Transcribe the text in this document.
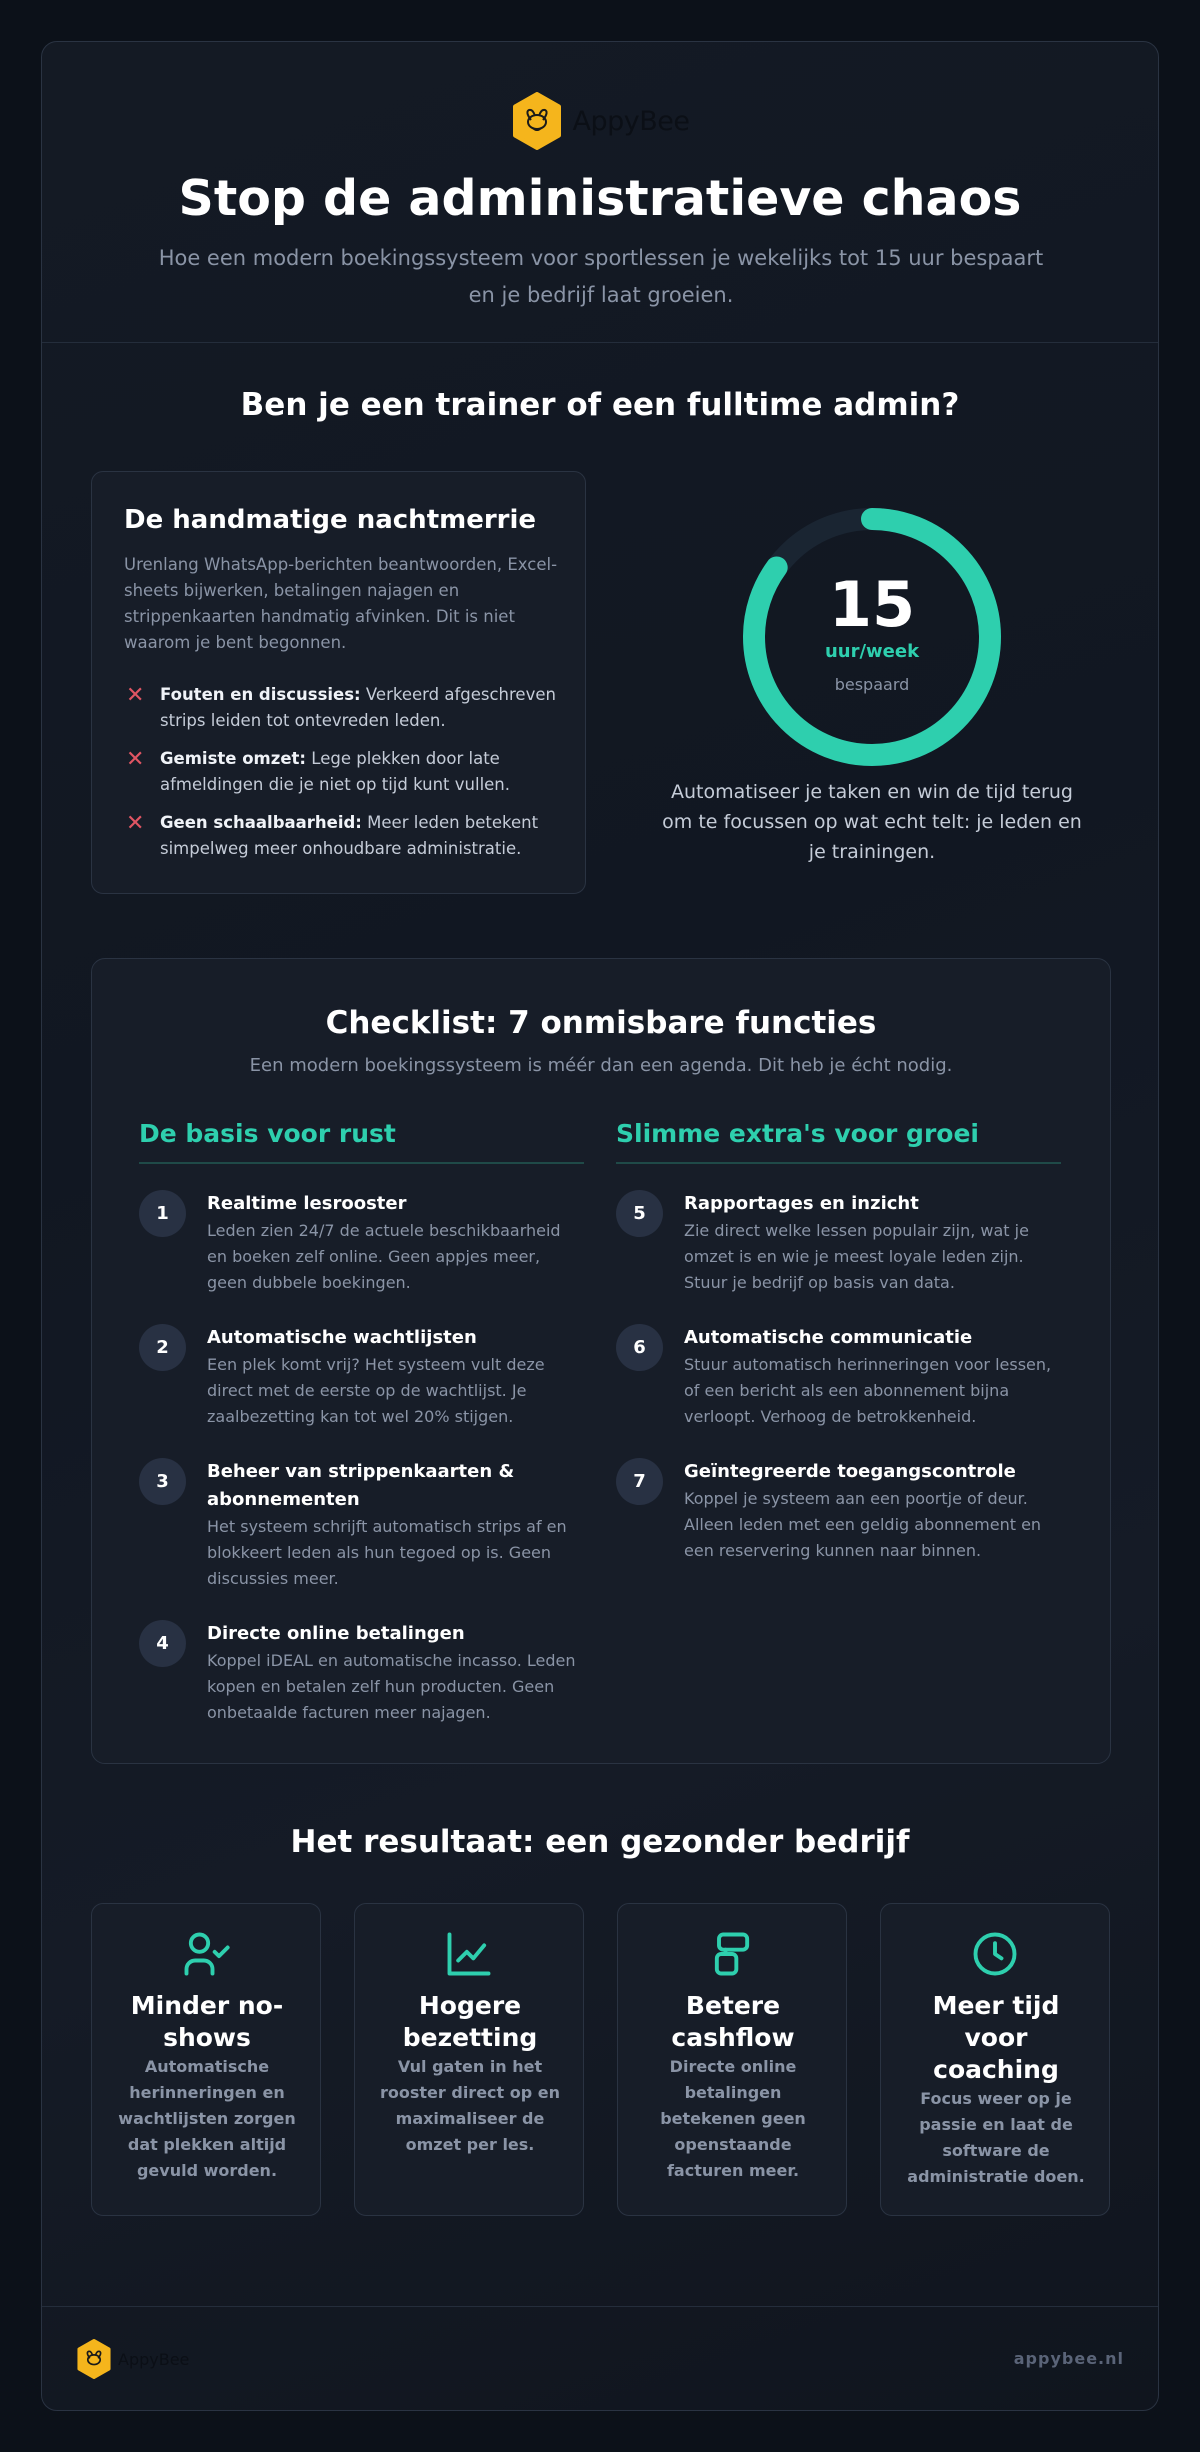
AppyBee
Stop de administratieve chaos

Hoe een modern boekingssysteem voor sportlessen je wekelijks tot 15 uur bespaart en je bedrijf laat groeien.

Ben je een trainer of een fulltime admin?
De handmatige nachtmerrie

Urenlang WhatsApp-berichten beantwoorden, Excel-sheets bijwerken, betalingen najagen en strippenkaarten handmatig afvinken. Dit is niet waarom je bent begonnen.

✕ Fouten en discussies: Verkeerd afgeschreven strips leiden tot ontevreden leden.
✕ Gemiste omzet: Lege plekken door late afmeldingen die je niet op tijd kunt vullen.
✕ Geen schaalbaarheid: Meer leden betekent simpelweg meer onhoudbare administratie.
15
uur/week
bespaard

Automatiseer je taken en win de tijd terug om te focussen op wat echt telt: je leden en je trainingen.

Checklist: 7 onmisbare functies

Een modern boekingssysteem is méér dan een agenda. Dit heb je écht nodig.

De basis voor rust
1	Realtime lesrooster
Leden zien 24/7 de actuele beschikbaarheid en boeken zelf online. Geen appjes meer, geen dubbele boekingen.
2	Automatische wachtlijsten
Een plek komt vrij? Het systeem vult deze direct met de eerste op de wachtlijst. Je zaalbezetting kan tot wel 20% stijgen.
3	Beheer van strippenkaarten & abonnementen
Het systeem schrijft automatisch strips af en blokkeert leden als hun tegoed op is. Geen discussies meer.
4	Directe online betalingen
Koppel iDEAL en automatische incasso. Leden kopen en betalen zelf hun producten. Geen onbetaalde facturen meer najagen.
Slimme extra's voor groei
5	Rapportages en inzicht
Zie direct welke lessen populair zijn, wat je omzet is en wie je meest loyale leden zijn. Stuur je bedrijf op basis van data.
6	Automatische communicatie
Stuur automatisch herinneringen voor lessen, of een bericht als een abonnement bijna verloopt. Verhoog de betrokkenheid.
7	Geïntegreerde toegangscontrole
Koppel je systeem aan een poortje of deur. Alleen leden met een geldig abonnement en een reservering kunnen naar binnen.
Het resultaat: een gezonder bedrijf
Minder no-shows
Automatische herinneringen en wachtlijsten zorgen dat plekken altijd gevuld worden.
Hogere bezetting
Vul gaten in het rooster direct op en maximaliseer de omzet per les.
Betere cashflow
Directe online betalingen betekenen geen openstaande facturen meer.
Meer tijd voor coaching
Focus weer op je passie en laat de software de administratie doen.
AppyBee	appybee.nl
